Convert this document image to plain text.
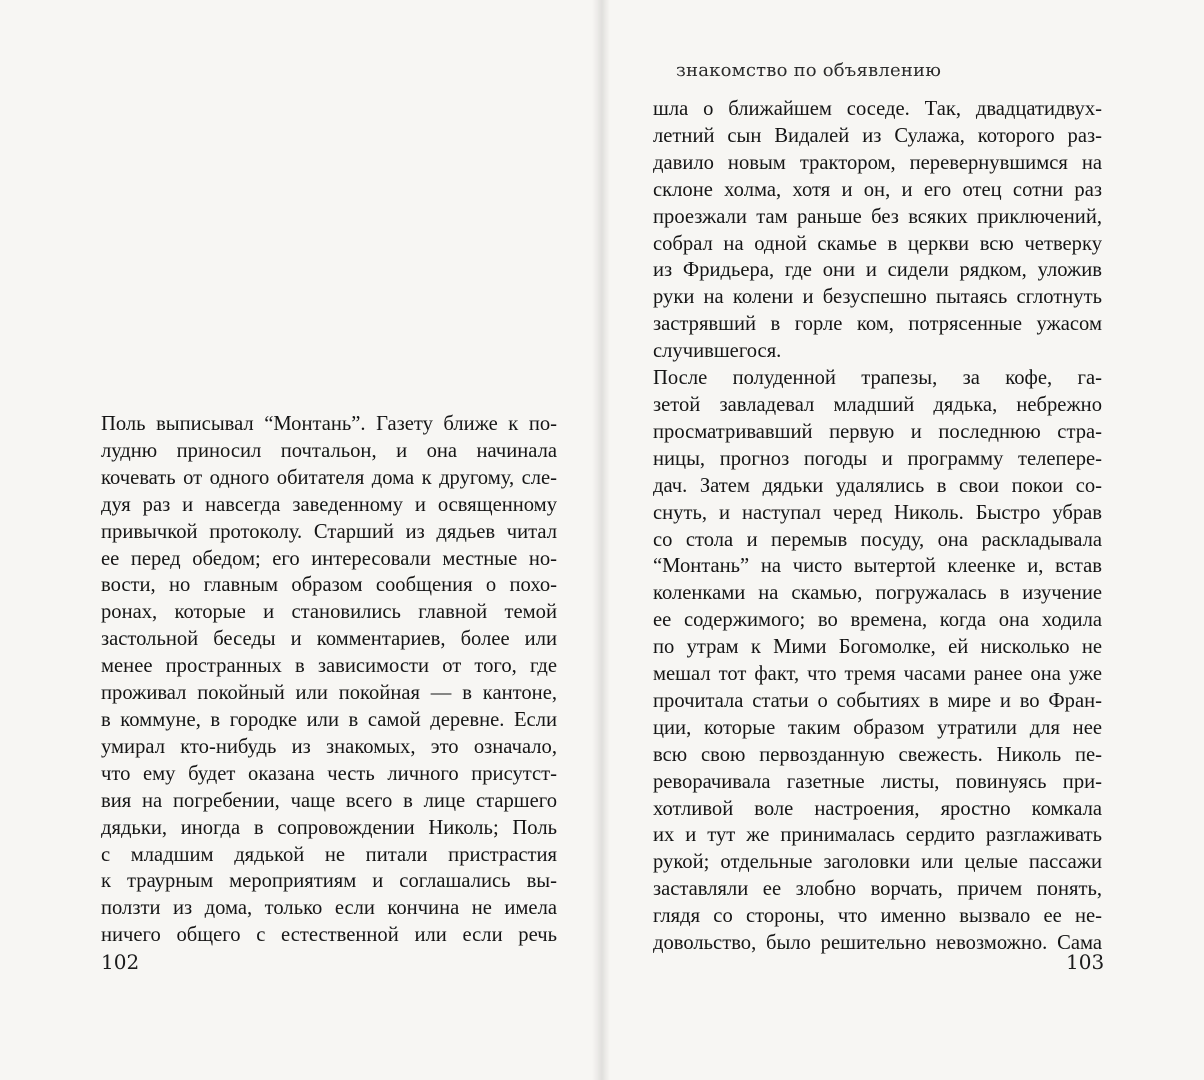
знакомство по объявлению
Поль выписывал “Монтань”. Газету ближе к по-
лудню приносил почтальон, и она начинала
кочевать от одного обитателя дома к другому, сле-
дуя раз и навсегда заведенному и освященному
привычкой протоколу. Старший из дядьев читал
ее перед обедом; его интересовали местные но-
вости, но главным образом сообщения о похо-
ронах, которые и становились главной темой
застольной беседы и комментариев, более или
менее пространных в зависимости от того, где
проживал покойный или покойная — в кантоне,
в коммуне, в городке или в самой деревне. Если
умирал кто-нибудь из знакомых, это означало,
что ему будет оказана честь личного присутст-
вия на погребении, чаще всего в лице старшего
дядьки, иногда в сопровождении Николь; Поль
с младшим дядькой не питали пристрастия
к траурным мероприятиям и соглашались вы-
ползти из дома, только если кончина не имела
ничего общего с естественной или если речь
шла о ближайшем соседе. Так, двадцатидвух-
летний сын Видалей из Сулажа, которого раз-
давило новым трактором, перевернувшимся на
склоне холма, хотя и он, и его отец сотни раз
проезжали там раньше без всяких приключений,
собрал на одной скамье в церкви всю четверку
из Фридьера, где они и сидели рядком, уложив
руки на колени и безуспешно пытаясь сглотнуть
застрявший в горле ком, потрясенные ужасом
случившегося.
После полуденной трапезы, за кофе, га-
зетой завладевал младший дядька, небрежно
просматривавший первую и последнюю стра-
ницы, прогноз погоды и программу телепере-
дач. Затем дядьки удалялись в свои покои со-
снуть, и наступал черед Николь. Быстро убрав
со стола и перемыв посуду, она раскладывала
“Монтань” на чисто вытертой клеенке и, встав
коленками на скамью, погружалась в изучение
ее содержимого; во времена, когда она ходила
по утрам к Мими Богомолке, ей нисколько не
мешал тот факт, что тремя часами ранее она уже
прочитала статьи о событиях в мире и во Фран-
ции, которые таким образом утратили для нее
всю свою первозданную свежесть. Николь пе-
реворачивала газетные листы, повинуясь при-
хотливой воле настроения, яростно комкала
их и тут же принималась сердито разглаживать
рукой; отдельные заголовки или целые пассажи
заставляли ее злобно ворчать, причем понять,
глядя со стороны, что именно вызвало ее не-
довольство, было решительно невозможно. Сама
102	103
